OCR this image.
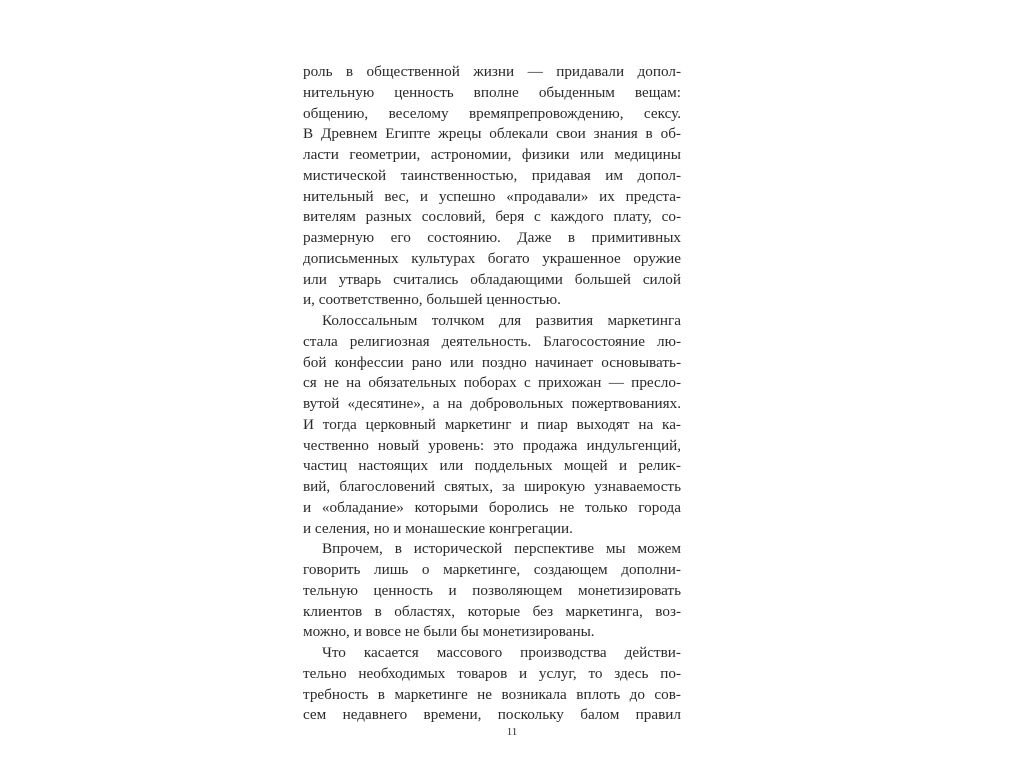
роль в общественной жизни — придавали допол-
нительную ценность вполне обыденным вещам:
общению, веселому времяпрепровождению, сексу.
В Древнем Египте жрецы облекали свои знания в об-
ласти геометрии, астрономии, физики или медицины
мистической таинственностью, придавая им допол-
нительный вес, и успешно «продавали» их предста-
вителям разных сословий, беря с каждого плату, со-
размерную его состоянию. Даже в примитивных
дописьменных культурах богато украшенное оружие
или утварь считались обладающими большей силой
и, соответственно, большей ценностью.
Колоссальным толчком для развития маркетинга
стала религиозная деятельность. Благосостояние лю-
бой конфессии рано или поздно начинает основывать-
ся не на обязательных поборах с прихожан — пресло-
вутой «десятине», а на добровольных пожертвованиях.
И тогда церковный маркетинг и пиар выходят на ка-
чественно новый уровень: это продажа индульгенций,
частиц настоящих или поддельных мощей и релик-
вий, благословений святых, за широкую узнаваемость
и «обладание» которыми боролись не только города
и селения, но и монашеские конгрегации.
Впрочем, в исторической перспективе мы можем
говорить лишь о маркетинге, создающем дополни-
тельную ценность и позволяющем монетизировать
клиентов в областях, которые без маркетинга, воз-
можно, и вовсе не были бы монетизированы.
Что касается массового производства действи-
тельно необходимых товаров и услуг, то здесь по-
требность в маркетинге не возникала вплоть до сов-
сем недавнего времени, поскольку балом правил
11
